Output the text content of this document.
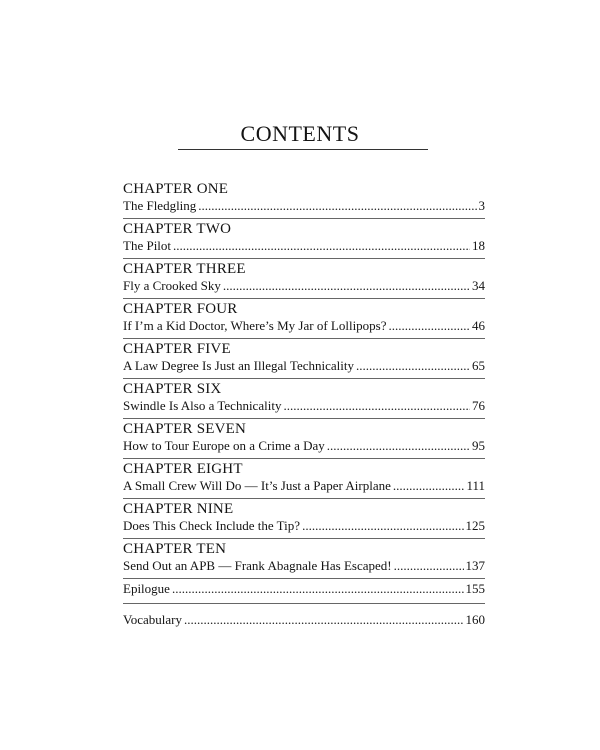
CONTENTS
CHAPTER ONE
The Fledgling .....	3
CHAPTER TWO
The Pilot .....	18
CHAPTER THREE
Fly a Crooked Sky .....	34
CHAPTER FOUR
If I’m a Kid Doctor, Where’s My Jar of Lollipops? .....	46
CHAPTER FIVE
A Law Degree Is Just an Illegal Technicality .....	65
CHAPTER SIX
Swindle Is Also a Technicality .....	76
CHAPTER SEVEN
How to Tour Europe on a Crime a Day .....	95
CHAPTER EIGHT
A Small Crew Will Do — It’s Just a Paper Airplane .....	111
CHAPTER NINE
Does This Check Include the Tip? .....	125
CHAPTER TEN
Send Out an APB — Frank Abagnale Has Escaped! .....	137
Epilogue .....	155
Vocabulary .....	160
